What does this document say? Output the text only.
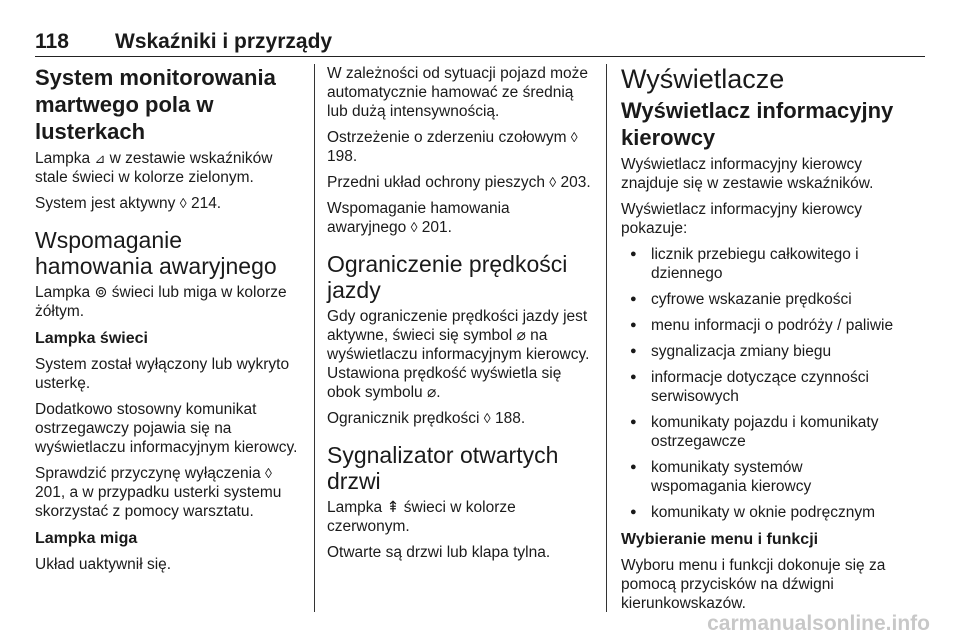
118 Wskaźniki i przyrządy
System monitorowania martwego pola w lusterkach

Lampka ⊿ w zestawie wskaźników stale świeci w kolorze zielonym.

System jest aktywny ◊ 214.

Wspomaganie hamowania awaryjnego

Lampka ⊚ świeci lub miga w kolorze żółtym.

Lampka świeci

System został wyłączony lub wykryto usterkę.

Dodatkowo stosowny komunikat ostrzegawczy pojawia się na wyświetlaczu informacyjnym kierowcy.

Sprawdzić przyczynę wyłączenia ◊ 201, a w przypadku usterki systemu skorzystać z pomocy warsztatu.

Lampka miga

Układ uaktywnił się.

W zależności od sytuacji pojazd może automatycznie hamować ze średnią lub dużą intensywnością.

Ostrzeżenie o zderzeniu czołowym ◊ 198.

Przedni układ ochrony pieszych ◊ 203.

Wspomaganie hamowania awaryjnego ◊ 201.

Ograniczenie prędkości jazdy

Gdy ograniczenie prędkości jazdy jest aktywne, świeci się symbol ⌀ na wyświetlaczu informacyjnym kierowcy. Ustawiona prędkość wyświetla się obok symbolu ⌀.

Ogranicznik prędkości ◊ 188.

Sygnalizator otwartych drzwi

Lampka ⇞ świeci w kolorze czerwonym.

Otwarte są drzwi lub klapa tylna.

Wyświetlacze
Wyświetlacz informacyjny kierowcy

Wyświetlacz informacyjny kierowcy znajduje się w zestawie wskaźników.

Wyświetlacz informacyjny kierowcy pokazuje:

● licznik przebiegu całkowitego i dziennego
● cyfrowe wskazanie prędkości
● menu informacji o podróży / paliwie
● sygnalizacja zmiany biegu
● informacje dotyczące czynności serwisowych
● komunikaty pojazdu i komunikaty ostrzegawcze
● komunikaty systemów wspomagania kierowcy
● komunikaty w oknie podręcznym
Wybieranie menu i funkcji

Wyboru menu i funkcji dokonuje się za pomocą przycisków na dźwigni kierunkowskazów.

carmanualsonline.info
